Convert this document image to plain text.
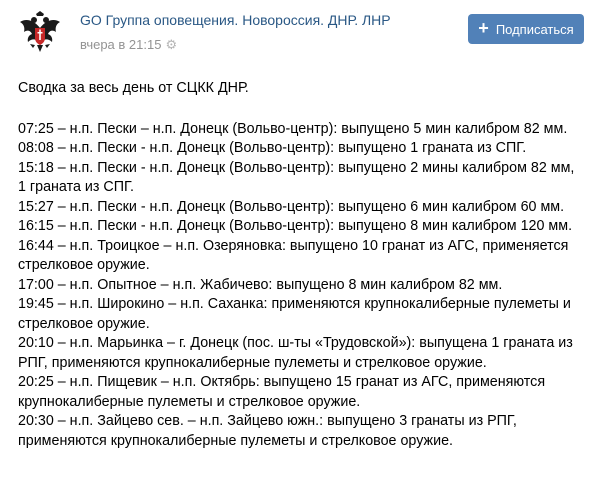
GO Группа оповещения. Новороссия. ДНР. ЛНР
вчера в 21:15 ⚙
+ Подписаться

Сводка за весь день от СЦКК ДНР.

07:25 – н.п. Пески – н.п. Донецк (Вольво-центр): выпущено 5 мин калибром 82 мм.

08:08 – н.п. Пески - н.п. Донецк (Вольво-центр): выпущено 1 граната из СПГ.

15:18 – н.п. Пески - н.п. Донецк (Вольво-центр): выпущено 2 мины калибром 82 мм,

1 граната из СПГ.

15:27 – н.п. Пески - н.п. Донецк (Вольво-центр): выпущено 6 мин калибром 60 мм.

16:15 – н.п. Пески - н.п. Донецк (Вольво-центр): выпущено 8 мин калибром 120 мм.

16:44 – н.п. Троицкое – н.п. Озеряновка: выпущено 10 гранат из АГС, применяется

стрелковое оружие.

17:00 – н.п. Опытное – н.п. Жабичево: выпущено 8 мин калибром 82 мм.

19:45 – н.п. Широкино – н.п. Саханка: применяются крупнокалиберные пулеметы и

стрелковое оружие.

20:10 – н.п. Марьинка – г. Донецк (пос. ш-ты «Трудовской»): выпущена 1 граната из

РПГ, применяются крупнокалиберные пулеметы и стрелковое оружие.

20:25 – н.п. Пищевик – н.п. Октябрь: выпущено 15 гранат из АГС, применяются

крупнокалиберные пулеметы и стрелковое оружие.

20:30 – н.п. Зайцево сев. – н.п. Зайцево южн.: выпущено 3 гранаты из РПГ,

применяются крупнокалиберные пулеметы и стрелковое оружие.
